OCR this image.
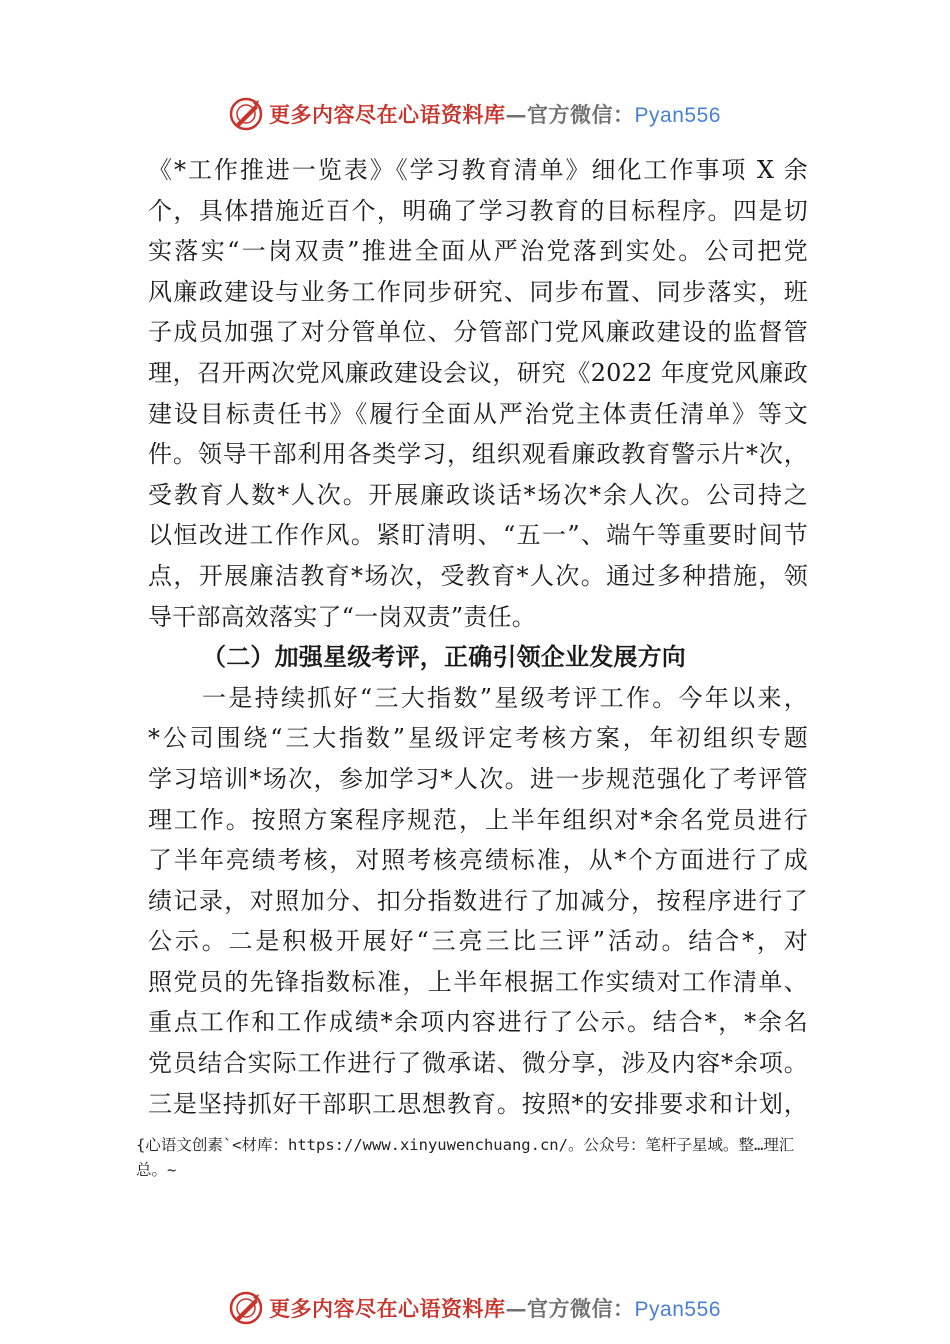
更多内容尽在心语资料库—官方微信：Pyan556
《*工作推进一览表》《学习教育清单》细化工作事项 X 余
个，具体措施近百个，明确了学习教育的目标程序。四是切
实落实“一岗双责”推进全面从严治党落到实处。公司把党
风廉政建设与业务工作同步研究、同步布置、同步落实，班
子成员加强了对分管单位、分管部门党风廉政建设的监督管
理，召开两次党风廉政建设会议，研究《2022 年度党风廉政
建设目标责任书》《履行全面从严治党主体责任清单》等文
件。领导干部利用各类学习，组织观看廉政教育警示片*次，
受教育人数*人次。开展廉政谈话*场次*余人次。公司持之
以恒改进工作作风。紧盯清明、“五一”、端午等重要时间节
点，开展廉洁教育*场次，受教育*人次。通过多种措施，领
导干部高效落实了“一岗双责”责任。
（二）加强星级考评，正确引领企业发展方向
一是持续抓好“三大指数”星级考评工作。今年以来，
*公司围绕“三大指数”星级评定考核方案，年初组织专题
学习培训*场次，参加学习*人次。进一步规范强化了考评管
理工作。按照方案程序规范，上半年组织对*余名党员进行
了半年亮绩考核，对照考核亮绩标准，从*个方面进行了成
绩记录，对照加分、扣分指数进行了加减分，按程序进行了
公示。二是积极开展好“三亮三比三评”活动。结合*，对
照党员的先锋指数标准，上半年根据工作实绩对工作清单、
重点工作和工作成绩*余项内容进行了公示。结合*，*余名
党员结合实际工作进行了微承诺、微分享，涉及内容*余项。
三是坚持抓好干部职工思想教育。按照*的安排要求和计划，
{心语文创素`<材库：https://www.xinyuwenchuang.cn/。公众号：笔杆子星域。整…理汇
总。~
更多内容尽在心语资料库—官方微信：Pyan556
